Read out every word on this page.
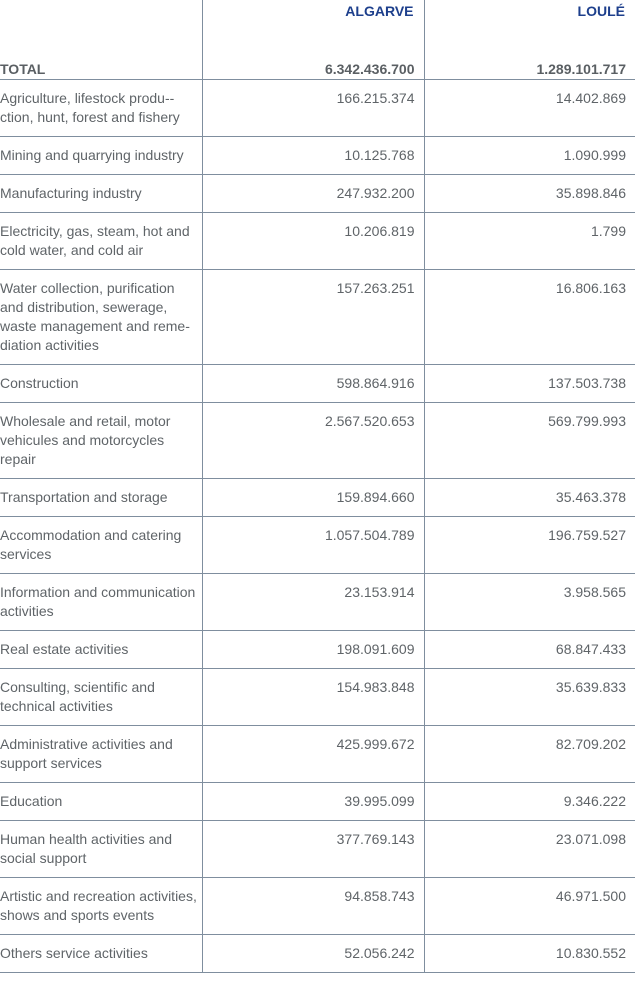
	ALGARVE	LOULÉ

TOTAL	6.342.436.700	1.289.101.717
Agriculture, lifestock produ-ction, hunt, forest and fishery	166.215.374	14.402.869
Mining and quarrying industry	10.125.768	1.090.999
Manufacturing industry	247.932.200	35.898.846
Electricity, gas, steam, hot and cold water, and cold air	10.206.819	1.799
Water collection, purification and distribution, sewerage, waste management and reme-diation activities	157.263.251	16.806.163
Construction	598.864.916	137.503.738
Wholesale and retail, motor vehicules and motorcycles repair	2.567.520.653	569.799.993
Transportation and storage	159.894.660	35.463.378
Accommodation and catering services	1.057.504.789	196.759.527
Information and communication activities	23.153.914	3.958.565
Real estate activities	198.091.609	68.847.433
Consulting, scientific and technical activities	154.983.848	35.639.833
Administrative activities and support services	425.999.672	82.709.202
Education	39.995.099	9.346.222
Human health activities and social support	377.769.143	23.071.098
Artistic and recreation activities, shows and sports events	94.858.743	46.971.500
Others service activities	52.056.242	10.830.552
